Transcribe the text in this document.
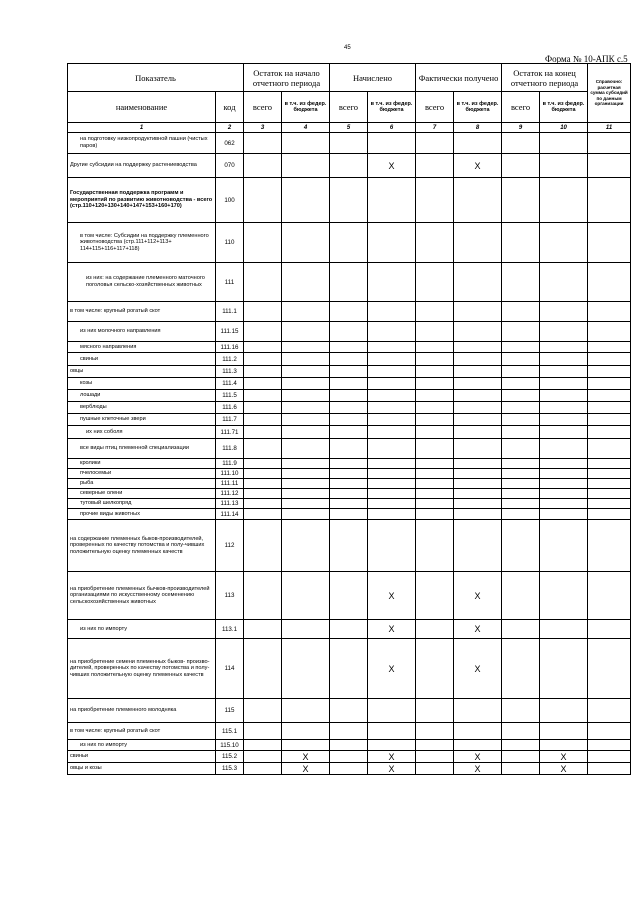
45
Форма № 10-АПК с.5
Показатель		Остаток на начало отчетного периода		Начислено		Фактически получено		Остаток на конец отчетного периода		Справочно: расчетная сумма субсидий по данным организации
наименование	код	всего	в т.ч. из федер. бюджета	всего	в т.ч. из федер. бюджета	всего	в т.ч. из федер. бюджета	всего	в т.ч. из федер. бюджета	
1	2	3	4	5	6	7	8	9	10	11

на подготовку низкопродуктивной пашни (чистых паров)	062									
Другие субсидии на поддержку растениеводства	070				X		X			
Государственная поддержка программ и мероприятий по развитию животноводства - всего (стр.110+120+130+140+147+153+160+170)	100									

в том числе: Субсидии на поддержку племенного животноводства (стр.111+112+113+ 114+115+116+117+118)	110									

из них: на содержание племенного маточного поголовья сельско-хозяйственных животных	111									
в том числе: крупный рогатый скот	111.1									

из них молочного направления	111.15									

мясного направления	111.16									

свиньи	111.2									
овцы	111.3									

козы	111.4									

лошади	111.5									

верблюды	111.6									

пушные клеточные звери	111.7									

их них соболя	111.71									

все виды птиц племенной специализации	111.8									

кролики	111.9									

пчелосемьи	111.10									

рыба	111.11									

северные олени	111.12									

тутовый шелкопряд	111.13									

прочие виды животных	111.14									
на содержание племенных быков-производителей, проверенных по качеству потомства и полу-чивших положительную оценку племенных качеств	112									
на приобретение племенных бычков-производителей организациями по искусственному осеменению сельскохозяйственных животных	113				X		X			

из них по импорту	113.1				X		X			
на приобретение семени племенных быков- произво-дителей, проверенных по качеству потомства и полу-чивших положительную оценку племенных качеств	114				X		X			
на приобретение племенного молодняка	115									
в том числе: крупный рогатый скот	115.1									

из них по импорту	115.10									
свиньи	115.2		X		X		X		X	
овцы и козы	115.3		X		X		X		X	
